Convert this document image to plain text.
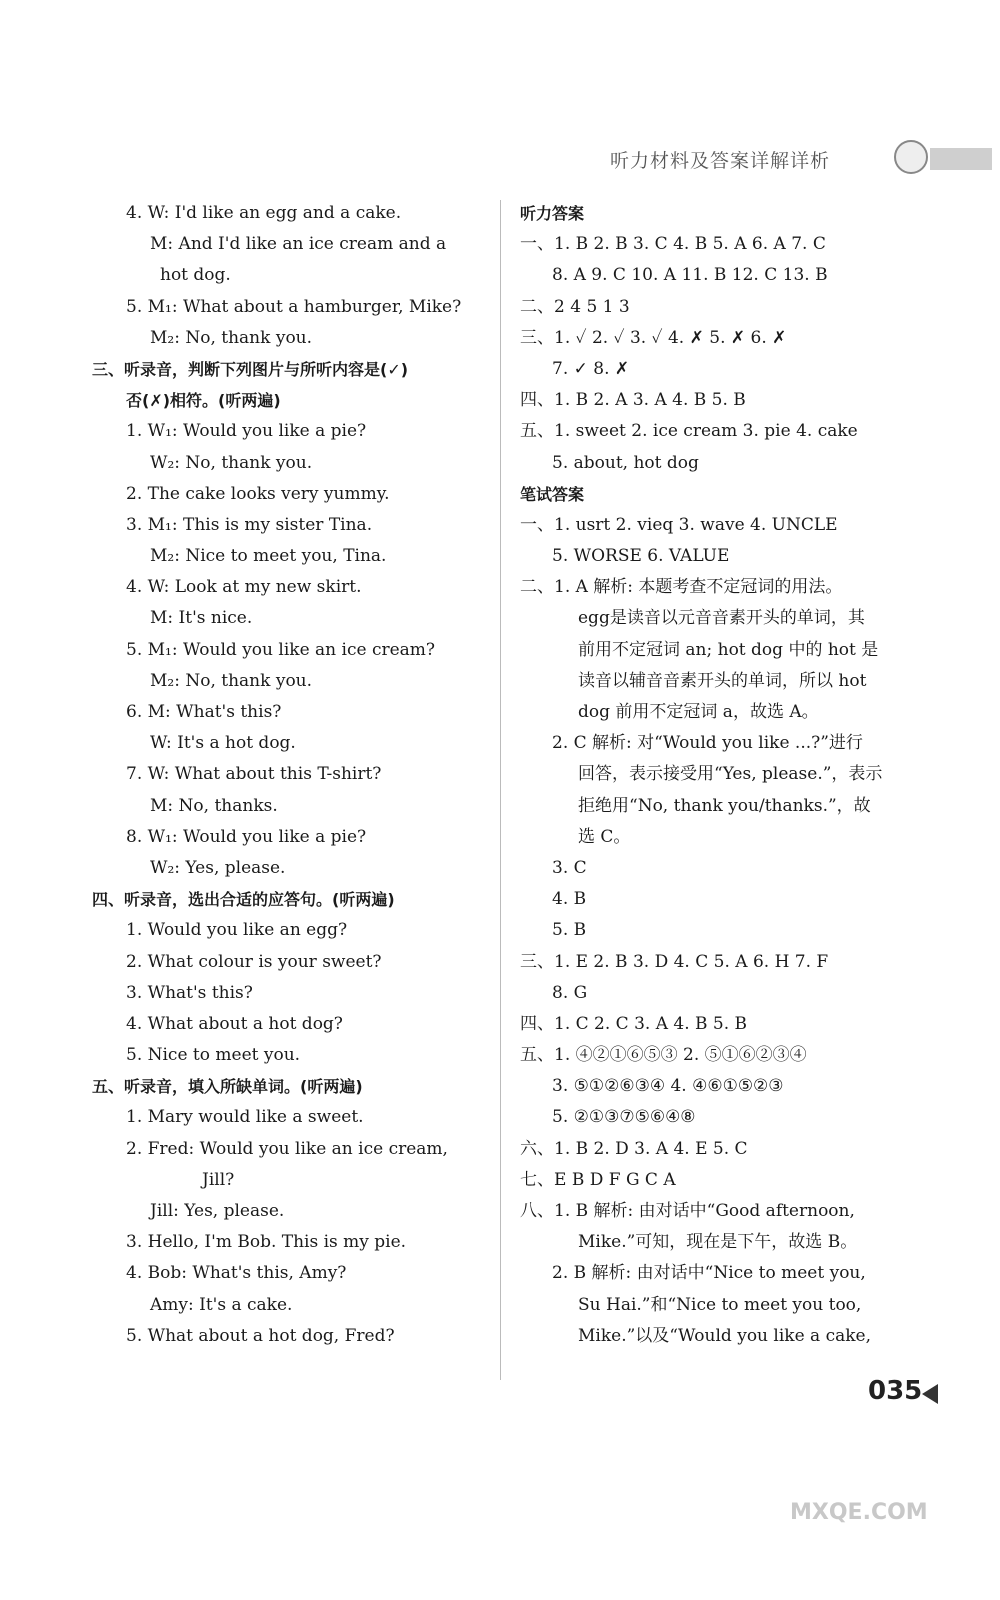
听力材料及答案详解详析
4. W: I'd like an egg and a cake.
M: And I'd like an ice cream and a
hot dog.
5. M₁: What about a hamburger, Mike?
M₂: No, thank you.
三、听录音，判断下列图片与所听内容是(✓)
否(✗)相符。(听两遍)
1. W₁: Would you like a pie?
W₂: No, thank you.
2. The cake looks very yummy.
3. M₁: This is my sister Tina.
M₂: Nice to meet you, Tina.
4. W: Look at my new skirt.
M: It's nice.
5. M₁: Would you like an ice cream?
M₂: No, thank you.
6. M: What's this?
W: It's a hot dog.
7. W: What about this T-shirt?
M: No, thanks.
8. W₁: Would you like a pie?
W₂: Yes, please.
四、听录音，选出合适的应答句。(听两遍)
1. Would you like an egg?
2. What colour is your sweet?
3. What's this?
4. What about a hot dog?
5. Nice to meet you.
五、听录音，填入所缺单词。(听两遍)
1. Mary would like a sweet.
2. Fred: Would you like an ice cream,
Jill?
Jill: Yes, please.
3. Hello, I'm Bob. This is my pie.
4. Bob: What's this, Amy?
Amy: It's a cake.
5. What about a hot dog, Fred?
听力答案
一、1. B 2. B 3. C 4. B 5. A 6. A 7. C
8. A 9. C 10. A 11. B 12. C 13. B
二、2 4 5 1 3
三、1. ✓ 2. ✓ 3. ✓ 4. ✗ 5. ✗ 6. ✗
7. ✓ 8. ✗
四、1. B 2. A 3. A 4. B 5. B
五、1. sweet 2. ice cream 3. pie 4. cake
5. about, hot dog
笔试答案
一、1. usrt 2. vieq 3. wave 4. UNCLE
5. WORSE 6. VALUE
二、1. A 解析: 本题考查不定冠词的用法。
egg是读音以元音音素开头的单词，其
前用不定冠词 an; hot dog 中的 hot 是
读音以辅音音素开头的单词，所以 hot
dog 前用不定冠词 a，故选 A。
2. C 解析: 对“Would you like ...?”进行
回答，表示接受用“Yes, please.”，表示
拒绝用“No, thank you/thanks.”，故
选 C。
3. C
4. B
5. B
三、1. E 2. B 3. D 4. C 5. A 6. H 7. F
8. G
四、1. C 2. C 3. A 4. B 5. B
五、1. ④②①⑥⑤③ 2. ⑤①⑥②③④
3. ⑤①②⑥③④ 4. ④⑥①⑤②③
5. ②①③⑦⑤⑥④⑧
六、1. B 2. D 3. A 4. E 5. C
七、E B D F G C A
八、1. B 解析: 由对话中“Good afternoon,
Mike.”可知，现在是下午，故选 B。
2. B 解析: 由对话中“Nice to meet you,
Su Hai.”和“Nice to meet you too,
Mike.”以及“Would you like a cake,
035
MXQE.COM
